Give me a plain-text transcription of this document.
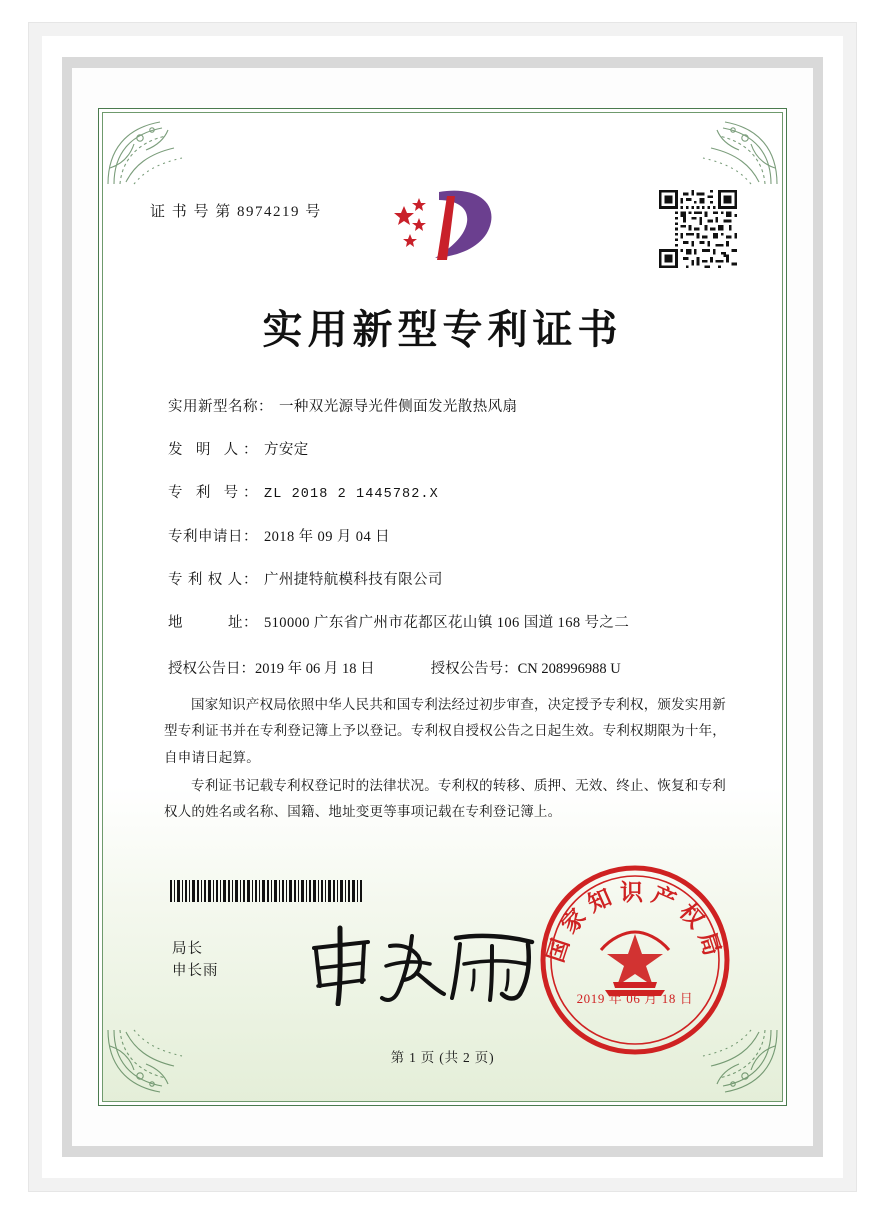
证 书 号 第 8974219 号
实用新型专利证书
实用新型名称： 一种双光源导光件侧面发光散热风扇
发 明 人： 方安定
专 利 号： ZL 2018 2 1445782.X
专利申请日： 2018 年 09 月 04 日
专 利 权 人： 广州捷特航模科技有限公司
地　　　址： 510000 广东省广州市花都区花山镇 106 国道 168 号之二
授权公告日：2019 年 06 月 18 日	授权公告号：CN 208996988 U

国家知识产权局依照中华人民共和国专利法经过初步审查，决定授予专利权，颁发实用新型专利证书并在专利登记簿上予以登记。专利权自授权公告之日起生效。专利权期限为十年，自申请日起算。

专利证书记载专利权登记时的法律状况。专利权的转移、质押、无效、终止、恢复和专利权人的姓名或名称、国籍、地址变更等事项记载在专利登记簿上。

局长
申长雨
国家知识产权局
2019 年 06 月 18 日
第 1 页 (共 2 页)
